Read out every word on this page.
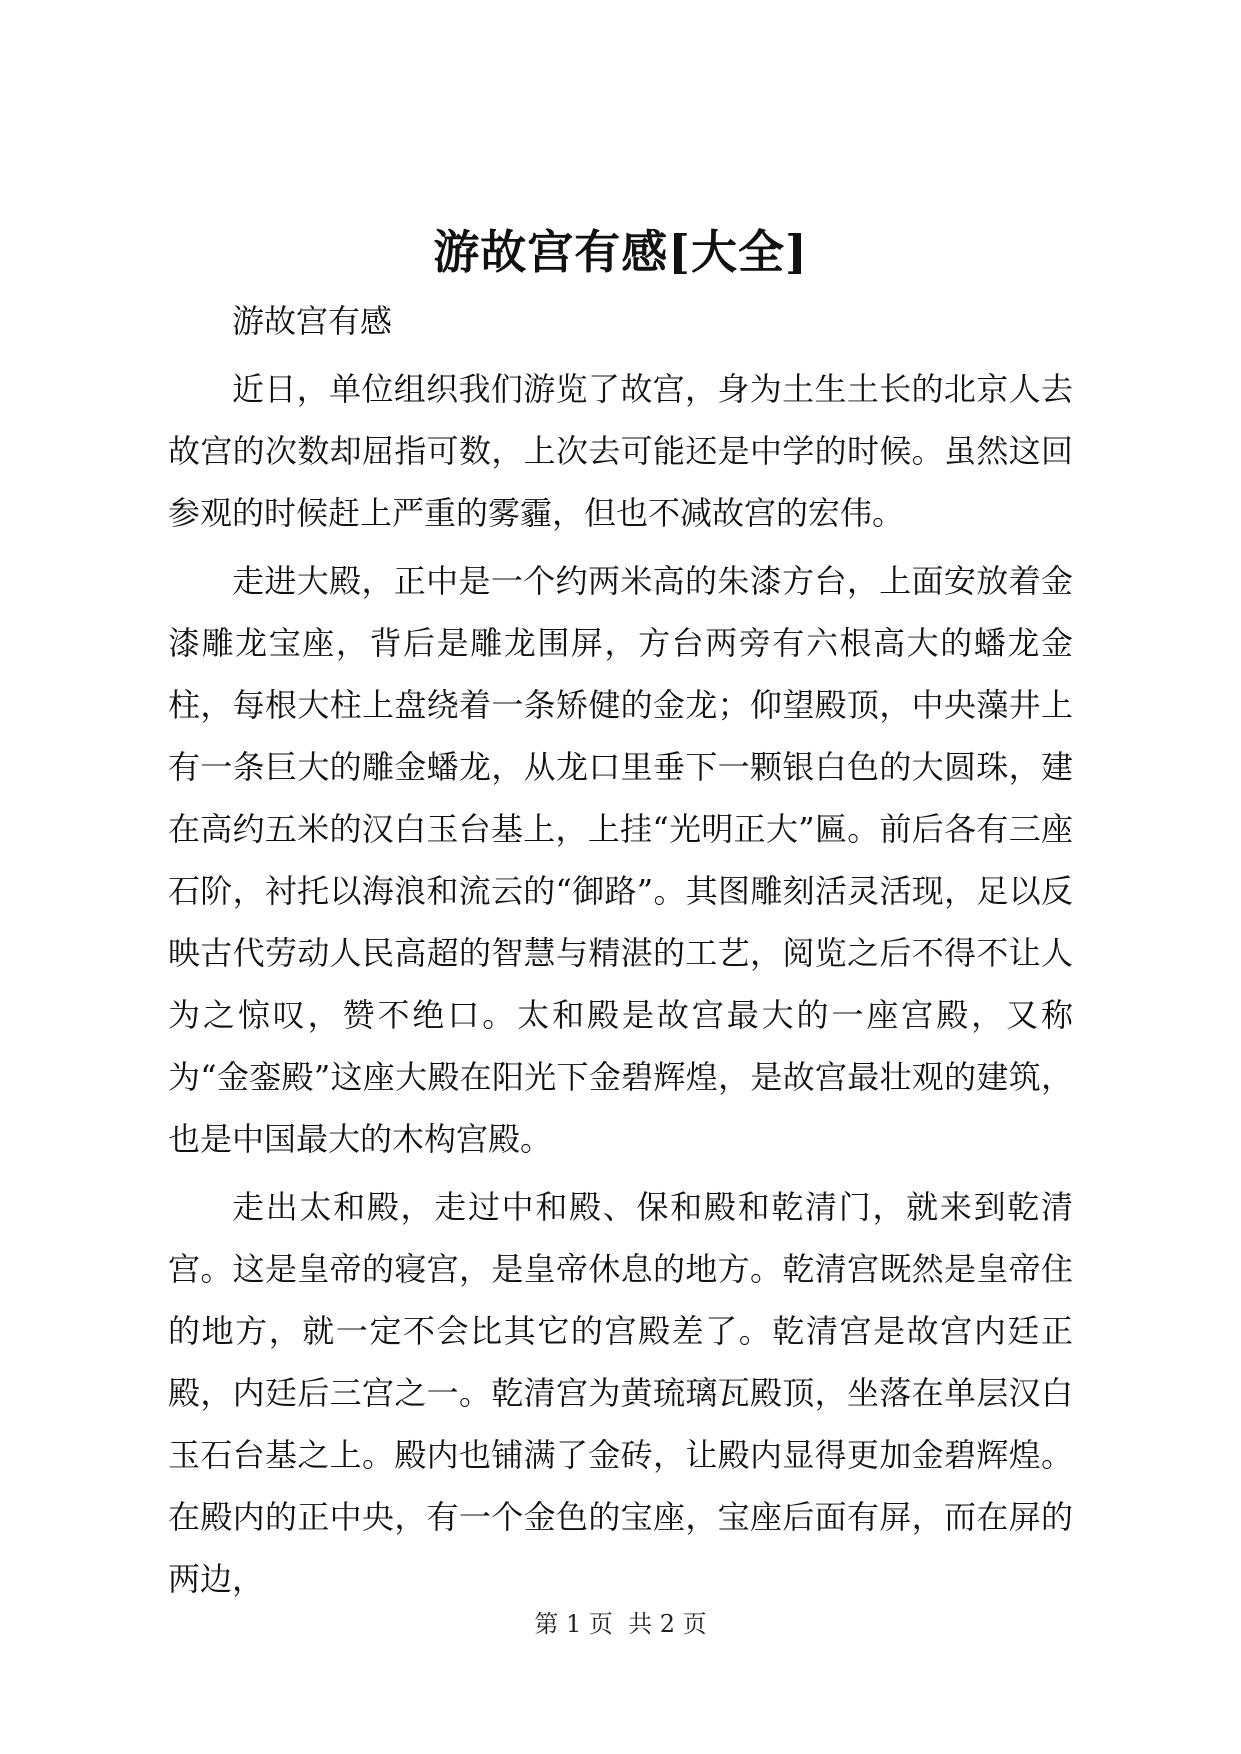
游故宫有感[大全]

游故宫有感

近日，单位组织我们游览了故宫，身为土生土长的北京人去故宫的次数却屈指可数，上次去可能还是中学的时候。虽然这回参观的时候赶上严重的雾霾，但也不减故宫的宏伟。

走进大殿，正中是一个约两米高的朱漆方台，上面安放着金漆雕龙宝座，背后是雕龙围屏，方台两旁有六根高大的蟠龙金柱，每根大柱上盘绕着一条矫健的金龙；仰望殿顶，中央藻井上有一条巨大的雕金蟠龙，从龙口里垂下一颗银白色的大圆珠，建在高约五米的汉白玉台基上，上挂“光明正大”匾。前后各有三座石阶，衬托以海浪和流云的“御路”。其图雕刻活灵活现，足以反映古代劳动人民高超的智慧与精湛的工艺，阅览之后不得不让人为之惊叹，赞不绝口。太和殿是故宫最大的一座宫殿，又称为“金銮殿”这座大殿在阳光下金碧辉煌，是故宫最壮观的建筑，也是中国最大的木构宫殿。

走出太和殿，走过中和殿、保和殿和乾清门，就来到乾清宫。这是皇帝的寝宫，是皇帝休息的地方。乾清宫既然是皇帝住的地方，就一定不会比其它的宫殿差了。乾清宫是故宫内廷正殿，内廷后三宫之一。乾清宫为黄琉璃瓦殿顶，坐落在单层汉白玉石台基之上。殿内也铺满了金砖，让殿内显得更加金碧辉煌。在殿内的正中央，有一个金色的宝座，宝座后面有屏，而在屏的两边，

第 1 页  共 2 页
